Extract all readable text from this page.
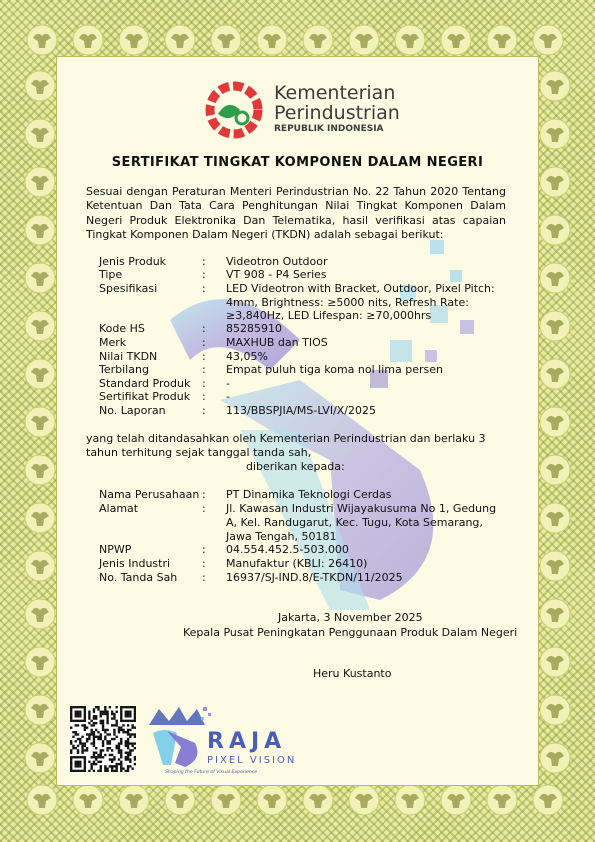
Kementerian
Perindustrian
REPUBLIK INDONESIA
SERTIFIKAT TINGKAT KOMPONEN DALAM NEGERI
Sesuai dengan Peraturan Menteri Perindustrian No. 22 Tahun 2020 Tentang Ketentuan Dan Tata Cara Penghitungan Nilai Tingkat Komponen Dalam Negeri Produk Elektronika Dan Telematika, hasil verifikasi atas capaian Tingkat Komponen Dalam Negeri (TKDN) adalah sebagai berikut:
Jenis Produk	: Videotron Outdoor
Tipe	: VT 908 - P4 Series
Spesifikasi	: LED Videotron with Bracket, Outdoor, Pixel Pitch:
4mm, Brightness: ≥5000 nits, Refresh Rate:
≥3,840Hz, LED Lifespan: ≥70,000hrs
Kode HS	: 85285910
Merk	: MAXHUB dan TIOS
Nilai TKDN	: 43,05%
Terbilang	: Empat puluh tiga koma nol lima persen
Standard Produk : -
Sertifikat Produk : -
No. Laporan	: 113/BBSPJIA/MS-LVI/X/2025
yang telah ditandasahkan oleh Kementerian Perindustrian dan berlaku 3
tahun terhitung sejak tanggal tanda sah,
diberikan kepada:
Nama Perusahaan : PT Dinamika Teknologi Cerdas
Alamat	: Jl. Kawasan Industri Wijayakusuma No 1, Gedung
A, Kel. Randugarut, Kec. Tugu, Kota Semarang,
Jawa Tengah, 50181
NPWP	: 04.554.452.5-503.000
Jenis Industri	: Manufaktur (KBLI: 26410)
No. Tanda Sah : 16937/SJ-IND.8/E-TKDN/11/2025
Jakarta, 3 November 2025
Kepala Pusat Peningkatan Penggunaan Produk Dalam Negeri
Heru Kustanto
RAJA
PIXEL VISION
Shaping the Future of Visual Experience
